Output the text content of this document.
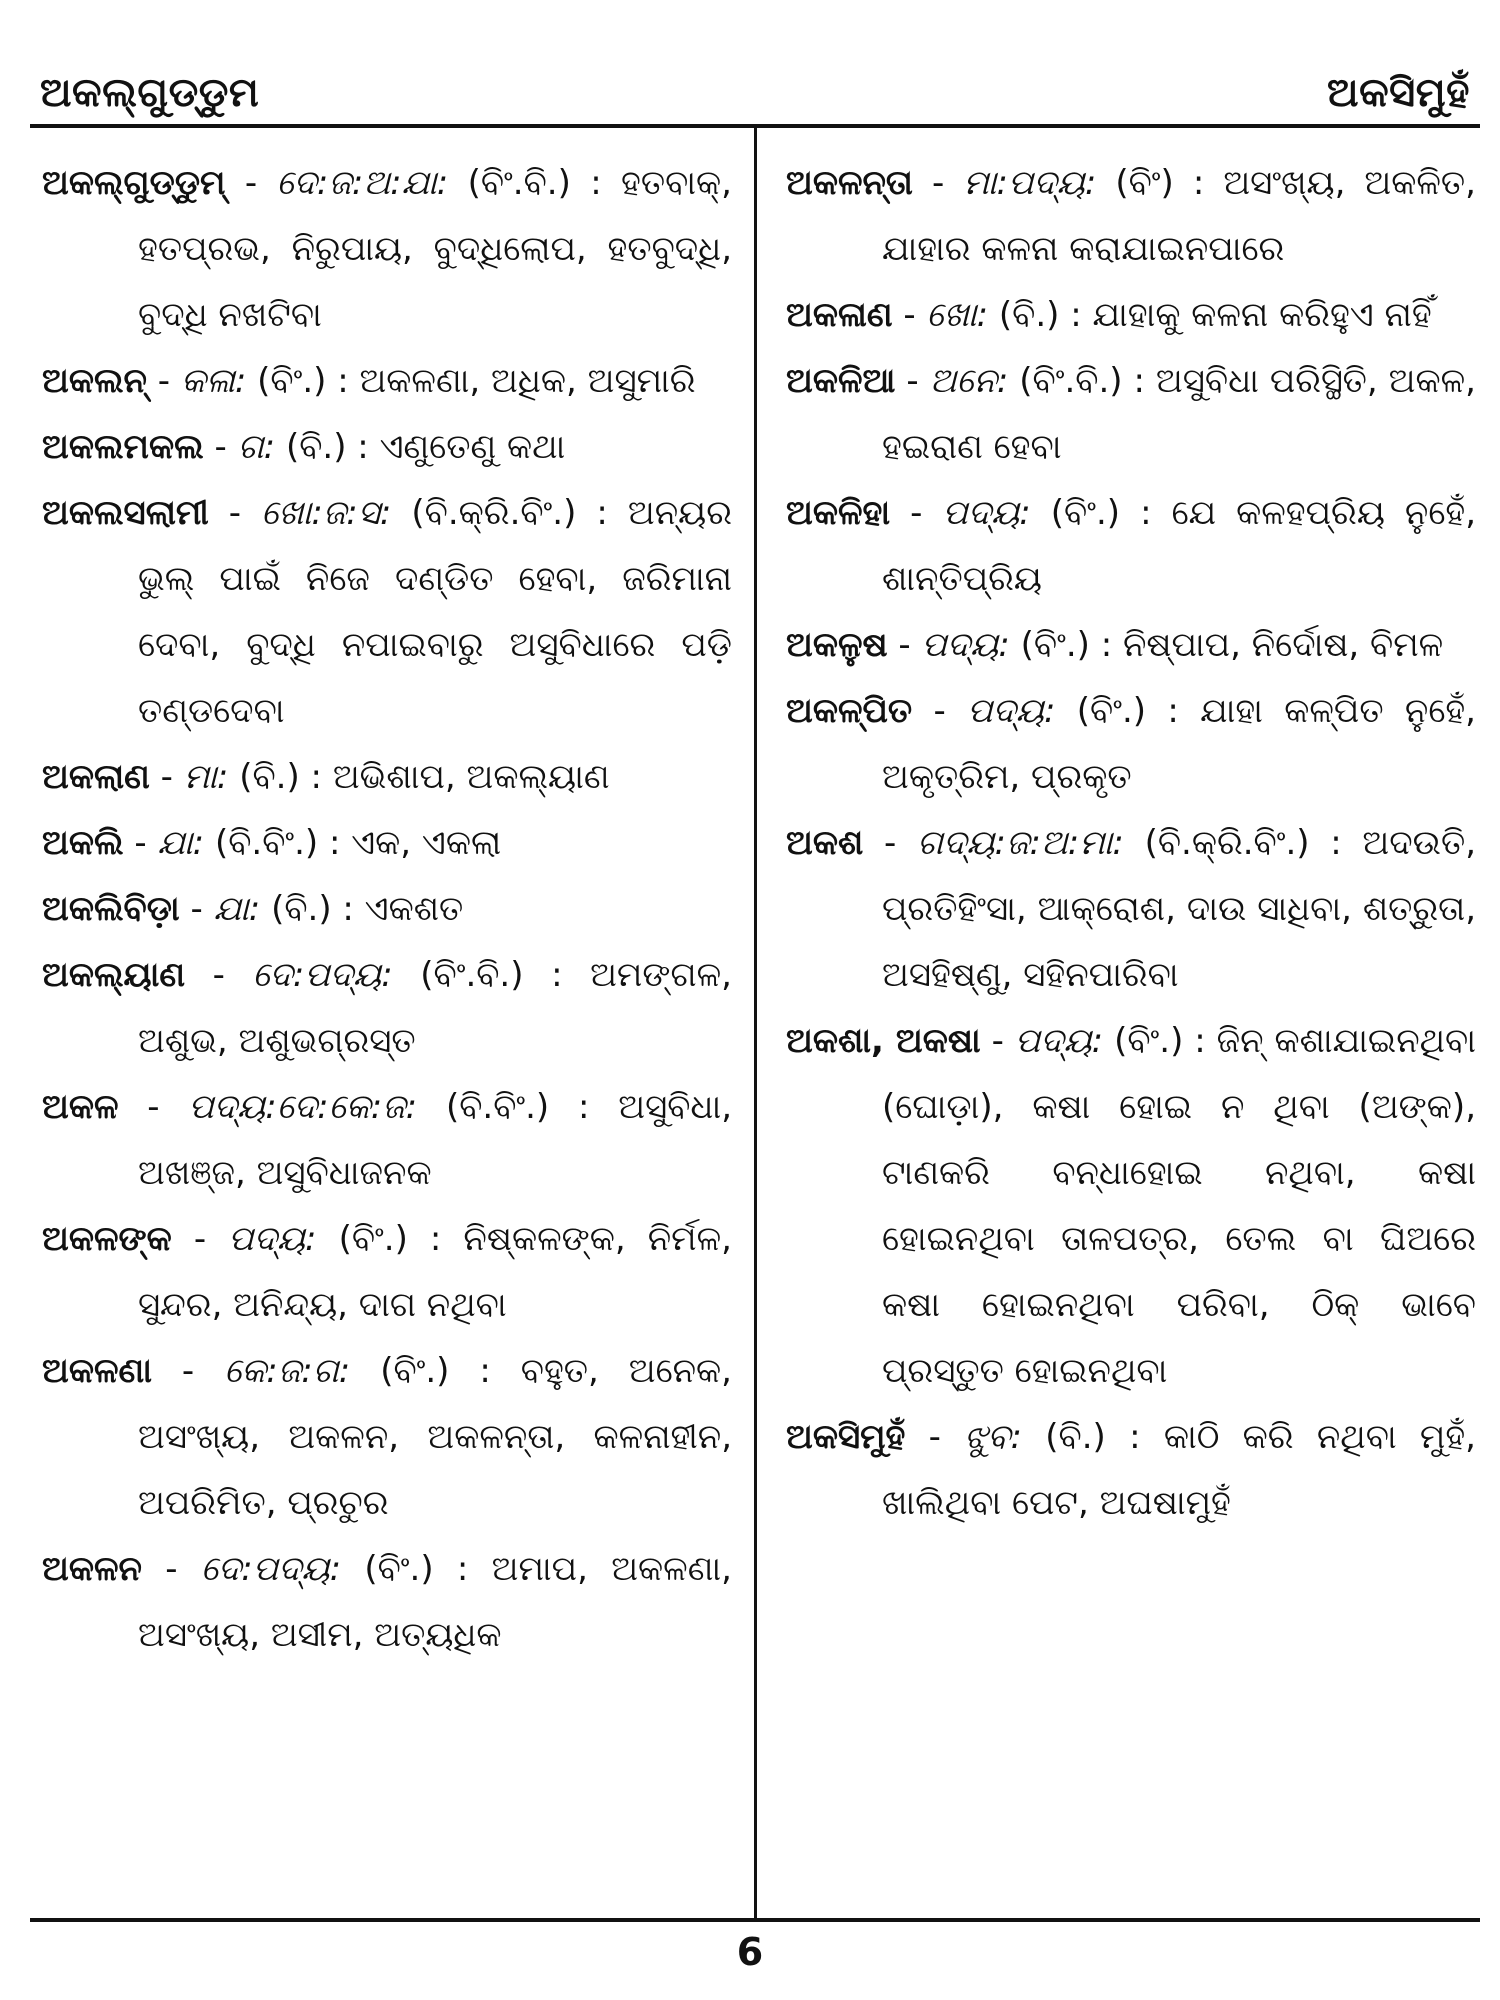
ଅକଲ୍‌ଗୁଡ୍ଡୁମ	ଅକସିମୁହଁ

ଅକଲ୍‌ଗୁଡ୍ଡୁମ୍ - ଦେ:ଜ:ଅ:ଯା: (ବିଂ.ବି.) : ହତବାକ୍, ହତପ୍ରଭ, ନିରୁପାୟ, ବୁଦ୍ଧିଲୋପ, ହତବୁଦ୍ଧି, ବୁଦ୍ଧି ନଖଟିବା

ଅକଲନ୍ - କଳା: (ବିଂ.) : ଅକଳଣା, ଅଧିକ, ଅସୁମାରି

ଅକଲମକଲ - ଗ: (ବି.) : ଏଣୁତେଣୁ କଥା

ଅକଲସଲାମୀ - ଖୋ:ଜ:ସ: (ବି.କ୍ରି.ବିଂ.) : ଅନ୍ୟର ଭୁଲ୍ ପାଇଁ ନିଜେ ଦଣ୍ଡିତ ହେବା, ଜରିମାନା ଦେବା, ବୁଦ୍ଧି ନପାଇବାରୁ ଅସୁବିଧାରେ ପଡ଼ି ତଣ୍ଡଦେବା

ଅକଲାଣ - ମା: (ବି.) : ଅଭିଶାପ, ଅକଲ୍ୟାଣ

ଅକଲି - ଯା: (ବି.ବିଂ.) : ଏକ, ଏକଲା

ଅକଲିବିଡ଼ା - ଯା: (ବି.) : ଏକଶତ

ଅକଲ୍ୟାଣ - ଦେ:ପଦ୍ୟ: (ବିଂ.ବି.) : ଅମଙ୍ଗଳ, ଅଶୁଭ, ଅଶୁଭଗ୍ରସ୍ତ

ଅକଳ - ପଦ୍ୟ:ଦେ:କେ:ଜ: (ବି.ବିଂ.) : ଅସୁବିଧା, ଅଖଞ୍ଜ, ଅସୁବିଧାଜନକ

ଅକଳଙ୍କ - ପଦ୍ୟ: (ବିଂ.) : ନିଷ୍କଳଙ୍କ, ନିର୍ମଳ, ସୁନ୍ଦର, ଅନିନ୍ଦ୍ୟ, ଦାଗ ନଥିବା

ଅକଳଣା - କେ:ଜ:ଗ: (ବିଂ.) : ବହୁତ, ଅନେକ, ଅସଂଖ୍ୟ, ଅକଳନ, ଅକଳନ୍ତା, କଳନାହୀନ, ଅପରିମିତ, ପ୍ରଚୁର

ଅକଳନ - ଦେ:ପଦ୍ୟ: (ବିଂ.) : ଅମାପ, ଅକଳଣା, ଅସଂଖ୍ୟ, ଅସୀମ, ଅତ୍ୟଧିକ

ଅକଳନ୍ତା - ମା:ପଦ୍ୟ: (ବିଂ) : ଅସଂଖ୍ୟ, ଅକଳିତ, ଯାହାର କଳନା କରାଯାଇନପାରେ

ଅକଳାଣ - ଖୋ: (ବି.) : ଯାହାକୁ କଳନା କରିହୁଏ ନାହିଁ

ଅକଳିଆ - ଅନେ: (ବିଂ.ବି.) : ଅସୁବିଧା ପରିସ୍ଥିତି, ଅକଳ, ହଇରାଣ ହେବା

ଅକଳିହା - ପଦ୍ୟ: (ବିଂ.) : ଯେ କଳହପ୍ରିୟ ନୁହେଁ, ଶାନ୍ତିପ୍ରିୟ

ଅକଳୁଷ - ପଦ୍ୟ: (ବିଂ.) : ନିଷ୍ପାପ, ନିର୍ଦୋଷ, ବିମଳ

ଅକଳ୍ପିତ - ପଦ୍ୟ: (ବିଂ.) : ଯାହା କଳ୍ପିତ ନୁହେଁ, ଅକୃତ୍ରିମ, ପ୍ରକୃତ

ଅକଶ - ଗଦ୍ୟ:ଜ:ଅ:ମା: (ବି.କ୍ରି.ବିଂ.) : ଅଦଉତି, ପ୍ରତିହିଂସା, ଆକ୍ରୋଶ, ଦାଉ ସାଧିବା, ଶତ୍ରୁତା, ଅସହିଷ୍ଣୁ, ସହିନପାରିବା

ଅକଶା, ଅକଷା - ପଦ୍ୟ: (ବିଂ.) : ଜିନ୍ କଶାଯାଇନଥିବା (ଘୋଡ଼ା), କଷା ହୋଇ ନ ଥିବା (ଅଙ୍କ), ଟାଣକରି ବନ୍ଧାହୋଇ ନଥିବା, କଷା ହୋଇନଥିବା ତାଳପତ୍ର, ତେଲ ବା ଘିଅରେ କଷା ହୋଇନଥିବା ପରିବା, ଠିକ୍ ଭାବେ ପ୍ରସ୍ତୁତ ହୋଇନଥିବା

ଅକସିମୁହଁ - ଝୁବ: (ବି.) : କାଠି କରି ନଥିବା ମୁହଁ, ଖାଲିଥିବା ପେଟ, ଅଘଷାମୁହଁ

6
